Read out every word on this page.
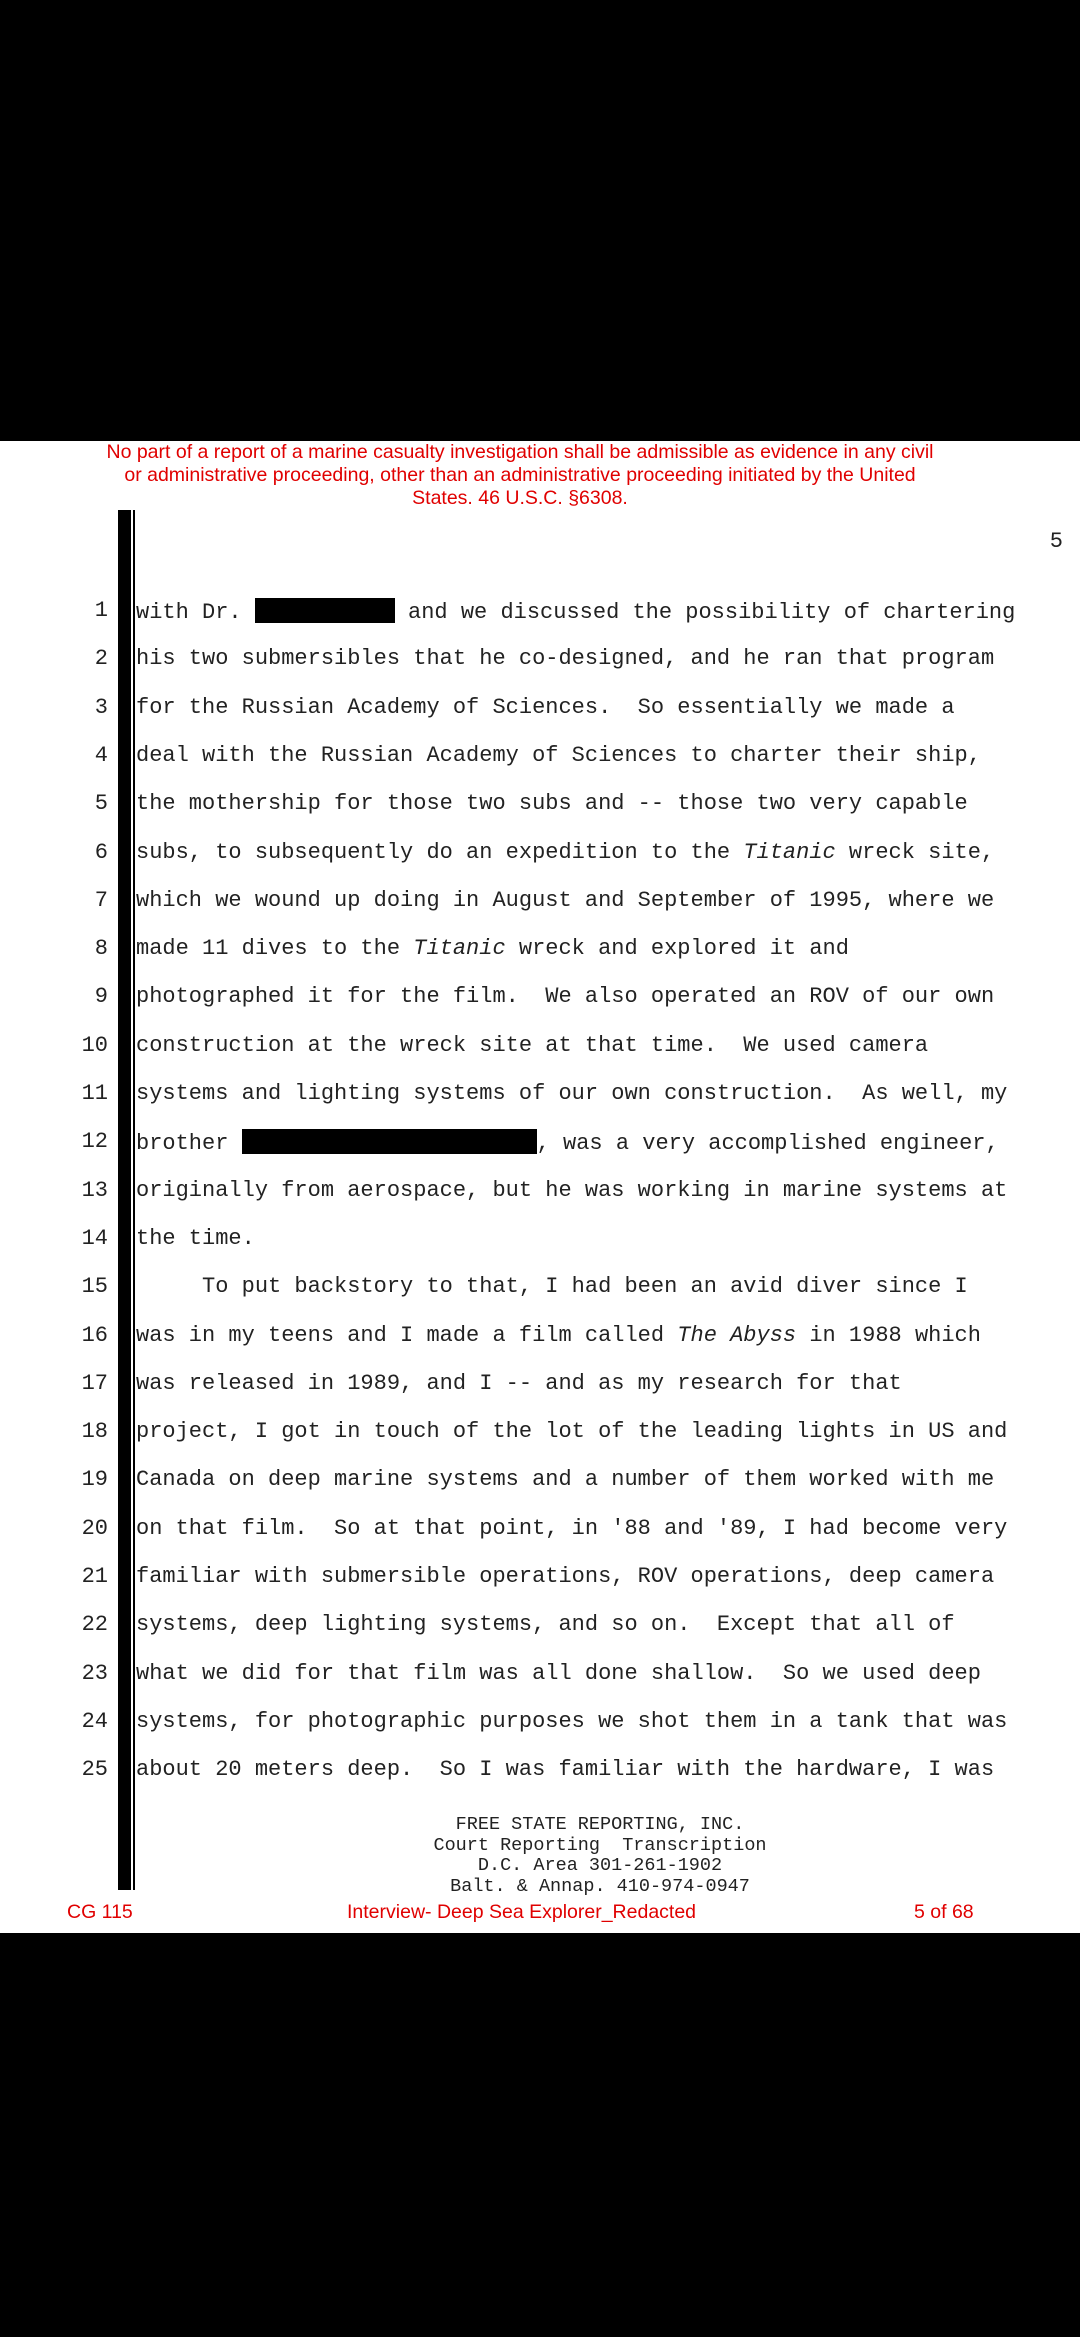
No part of a report of a marine casualty investigation shall be admissible as evidence in any civil
or administrative proceeding, other than an administrative proceeding initiated by the United
States. 46 U.S.C. §6308.
5
1 with Dr.	and we discussed the possibility of chartering
2 his two submersibles that he co-designed, and he ran that program
3 for the Russian Academy of Sciences.  So essentially we made a
4 deal with the Russian Academy of Sciences to charter their ship,
5 the mothership for those two subs and -- those two very capable
6 subs, to subsequently do an expedition to the Titanic wreck site,
7 which we wound up doing in August and September of 1995, where we
8 made 11 dives to the Titanic wreck and explored it and
9 photographed it for the film.  We also operated an ROV of our own
10 construction at the wreck site at that time.  We used camera
11 systems and lighting systems of our own construction.  As well, my
12 brother	, was a very accomplished engineer,
13 originally from aerospace, but he was working in marine systems at
14 the time.
15 To put backstory to that, I had been an avid diver since I
16 was in my teens and I made a film called The Abyss in 1988 which
17 was released in 1989, and I -- and as my research for that
18 project, I got in touch of the lot of the leading lights in US and
19 Canada on deep marine systems and a number of them worked with me
20 on that film.  So at that point, in '88 and '89, I had become very
21 familiar with submersible operations, ROV operations, deep camera
22 systems, deep lighting systems, and so on.  Except that all of
23 what we did for that film was all done shallow.  So we used deep
24 systems, for photographic purposes we shot them in a tank that was
25 about 20 meters deep.  So I was familiar with the hardware, I was
FREE STATE REPORTING, INC.
Court Reporting  Transcription
D.C. Area 301-261-1902
Balt. & Annap. 410-974-0947
CG 115	Interview- Deep Sea Explorer_Redacted	5 of 68
